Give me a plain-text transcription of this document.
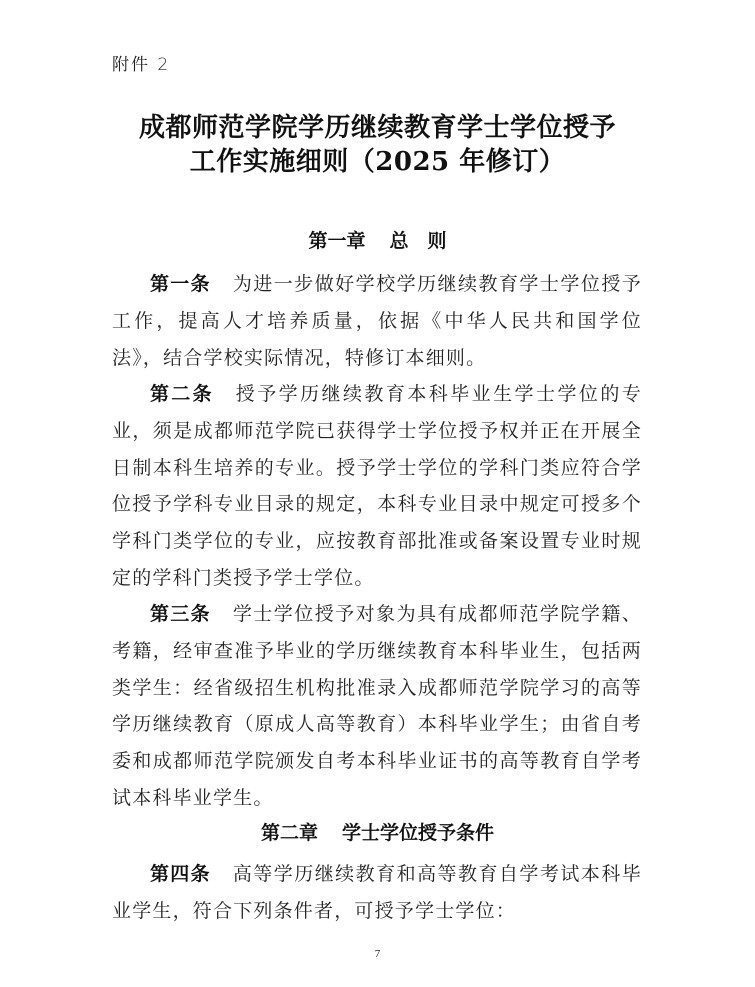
附件 2
成都师范学院学历继续教育学士学位授予
工作实施细则（2025 年修订）
第一章 总　则
第一条 为进一步做好学校学历继续教育学士学位授予工作，提高人才培养质量，依据《中华人民共和国学位法》，结合学校实际情况，特修订本细则。
第二条 授予学历继续教育本科毕业生学士学位的专业，须是成都师范学院已获得学士学位授予权并正在开展全日制本科生培养的专业。授予学士学位的学科门类应符合学位授予学科专业目录的规定，本科专业目录中规定可授多个学科门类学位的专业，应按教育部批准或备案设置专业时规定的学科门类授予学士学位。
第三条 学士学位授予对象为具有成都师范学院学籍、考籍，经审查准予毕业的学历继续教育本科毕业生，包括两类学生：经省级招生机构批准录入成都师范学院学习的高等学历继续教育（原成人高等教育）本科毕业学生；由省自考委和成都师范学院颁发自考本科毕业证书的高等教育自学考试本科毕业学生。
第二章 学士学位授予条件
第四条 高等学历继续教育和高等教育自学考试本科毕业学生，符合下列条件者，可授予学士学位：
7
